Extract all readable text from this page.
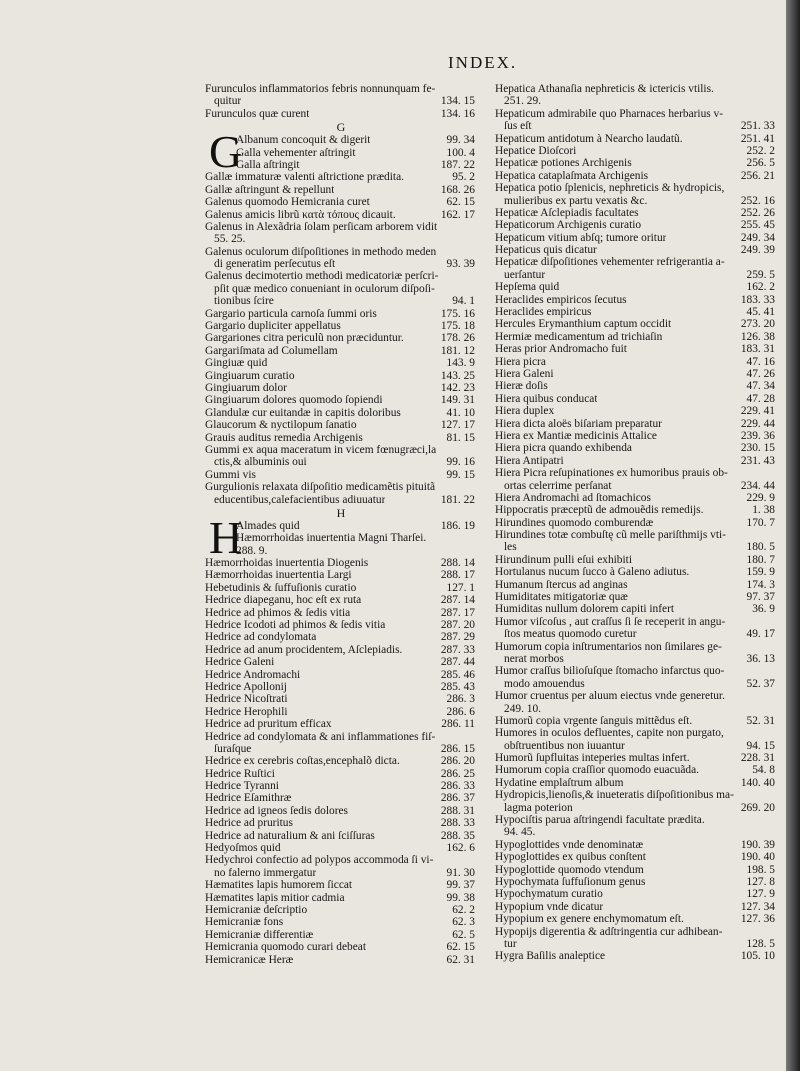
INDEX.
Furunculos inflammatorios febris nonnunquam fe-
quitur	134. 15
Furunculos quæ curent	134. 16
G
G
Albanum concoquit & digerit	99. 34
Galla vehementer aſtringit	100. 4
Galla aſtringit	187. 22
Gallæ immaturæ valenti aſtrictione prædita.	95. 2
Gallæ aſtringunt & repellunt	168. 26
Galenus quomodo Hemicrania curet	62. 15
Galenus amicis librũ κατὰ τόπους dicauit.	162. 17
Galenus in Alexãdria ſolam perſicam arborem vidit
55. 25.
Galenus oculorum diſpoſitiones in methodo meden
di generatim perſecutus eſt	93. 39
Galenus decimotertio methodi medicatoriæ perſcri-
pſit quæ medico conueniant in oculorum diſpoſi-
tionibus ſcire	94. 1
Gargario particula carnoſa ſummi oris	175. 16
Gargario dupliciter appellatus	175. 18
Gargariones citra periculũ non præciduntur.	178. 26
Gargariſmata ad Columellam	181. 12
Gingiuæ quid	143. 9
Gingiuarum curatio	143. 25
Gingiuarum dolor	142. 23
Gingiuarum dolores quomodo ſopiendi	149. 31
Glandulæ cur euitandæ in capitis doloribus	41. 10
Glaucorum & nyctilopum ſanatio	127. 17
Grauis auditus remedia Archigenis	81. 15
Gummi ex aqua maceratum in vicem fœnugræci,la
ctis,& albuminis oui	99. 16
Gummi vis	99. 15
Gurgulionis relaxata diſpoſitio medicamẽtis pituitã
educentibus,calefacientibus adiuuatur	181. 22
H
H
Almades quid	186. 19
Hæmorrhoidas inuertentia Magni Tharſei.
288. 9.
Hæmorrhoidas inuertentia Diogenis	288. 14
Hæmorrhoidas inuertentia Largi	288. 17
Hebetudinis & ſuffuſionis curatio	127. 1
Hedrice diapeganu, hoc eſt ex ruta	287. 14
Hedrice ad phimos & ſedis vitia	287. 17
Hedrice Icodoti ad phimos & ſedis vitia	287. 20
Hedrice ad condylomata	287. 29
Hedrice ad anum procidentem, Aſclepiadis.	287. 33
Hedrice Galeni	287. 44
Hedrice Andromachi	285. 46
Hedrice Apollonij	285. 43
Hedrice Nicoſtrati	286. 3
Hedrice Herophili	286. 6
Hedrice ad pruritum efficax	286. 11
Hedrice ad condylomata & ani inflammationes fiſ-
ſuraſque	286. 15
Hedrice ex cerebris coſtas,encephalõ dicta.	286. 20
Hedrice Ruſtici	286. 25
Hedrice Tyranni	286. 33
Hedrice Eſamithræ	286. 37
Hedrice ad igneos ſedis dolores	288. 31
Hedrice ad pruritus	288. 33
Hedrice ad naturalium & ani ſciſſuras	288. 35
Hedyoſmos quid	162. 6
Hedychroi confectio ad polypos accommoda ſi vi-
no falerno immergatur	91. 30
Hæmatites lapis humorem ſiccat	99. 37
Hæmatites lapis mitior cadmia	99. 38
Hemicraniæ deſcriptio	62. 2
Hemicraniæ fons	62. 3
Hemicraniæ differentiæ	62. 5
Hemicrania quomodo curari debeat	62. 15
Hemicranicæ Heræ	62. 31
Hepatica Athanaſia nephreticis & ictericis vtilis.
251. 29.
Hepaticum admirabile quo Pharnaces herbarius v-
ſus eſt	251. 33
Hepaticum antidotum à Nearcho laudatũ.	251. 41
Hepatice Dioſcori	252. 2
Hepaticæ potiones Archigenis	256. 5
Hepatica cataplaſmata Archigenis	256. 21
Hepatica potio ſplenicis, nephreticis & hydropicis,
mulieribus ex partu vexatis &c.	252. 16
Hepaticæ Aſclepiadis facultates	252. 26
Hepaticorum Archigenis curatio	255. 45
Hepaticum vitium abſq; tumore oritur	249. 34
Hepaticus quis dicatur	249. 39
Hepaticæ diſpoſitiones vehementer refrigerantia a-
uerſantur	259. 5
Hepſema quid	162. 2
Heraclides empiricos ſecutus	183. 33
Heraclides empiricus	45. 41
Hercules Erymanthium captum occidit	273. 20
Hermiæ medicamentum ad trichiaſin	126. 38
Heras prior Andromacho fuit	183. 31
Hiera picra	47. 16
Hiera Galeni	47. 26
Hieræ doſis	47. 34
Hiera quibus conducat	47. 28
Hiera duplex	229. 41
Hiera dicta aloës biſariam preparatur	229. 44
Hiera ex Mantiæ medicinis Attalice	239. 36
Hiera picra quando exhibenda	230. 15
Hiera Antipatri	231. 43
Hiera Picra reſupinationes ex humoribus prauis ob-
ortas celerrime perſanat	234. 44
Hiera Andromachi ad ſtomachicos	229. 9
Hippocratis præceptũ de admouẽdis remedijs.	1. 38
Hirundines quomodo comburendæ	170. 7
Hirundines totæ combuſtę cũ melle pariſthmijs vti-
les	180. 5
Hirundinum pulli eſui exhibiti	180. 7
Hortulanus nucum ſucco à Galeno adiutus.	159. 9
Humanum ſtercus ad anginas	174. 3
Humiditates mitigatoriæ quæ	97. 37
Humiditas nullum dolorem capiti infert	36. 9
Humor viſcoſus , aut craſſus ſi ſe receperit in angu-
ſtos meatus quomodo curetur	49. 17
Humorum copia inſtrumentarios non ſimilares ge-
nerat morbos	36. 13
Humor craſſus bilioſuſque ſtomacho infarctus quo-
modo amouendus	52. 37
Humor cruentus per aluum eiectus vnde generetur.
249. 10.
Humorũ copia vrgente ſanguis mittẽdus eſt.	52. 31
Humores in oculos defluentes, capite non purgato,
obſtruentibus non iuuantur	94. 15
Humorũ ſupfluitas inteperies multas infert.	228. 31
Humorum copia craſſior quomodo euacuãda.	54. 8
Hydatine emplaſtrum album	140. 40
Hydropicis,lienoſis,& inueteratis diſpoſitionibus ma-
lagma poterion	269. 20
Hypociſtis parua aſtringendi facultate prædita.
94. 45.
Hypoglottides vnde denominatæ	190. 39
Hypoglottides ex quibus conſtent	190. 40
Hypoglottide quomodo vtendum	198. 5
Hypochymata ſuffuſionum genus	127. 8
Hypochymatum curatio	127. 9
Hypopium vnde dicatur	127. 34
Hypopium ex genere enchymomatum eſt.	127. 36
Hypopijs digerentia & adſtringentia cur adhibean-
tur	128. 5
Hygra Baſilis analeptice	105. 10
